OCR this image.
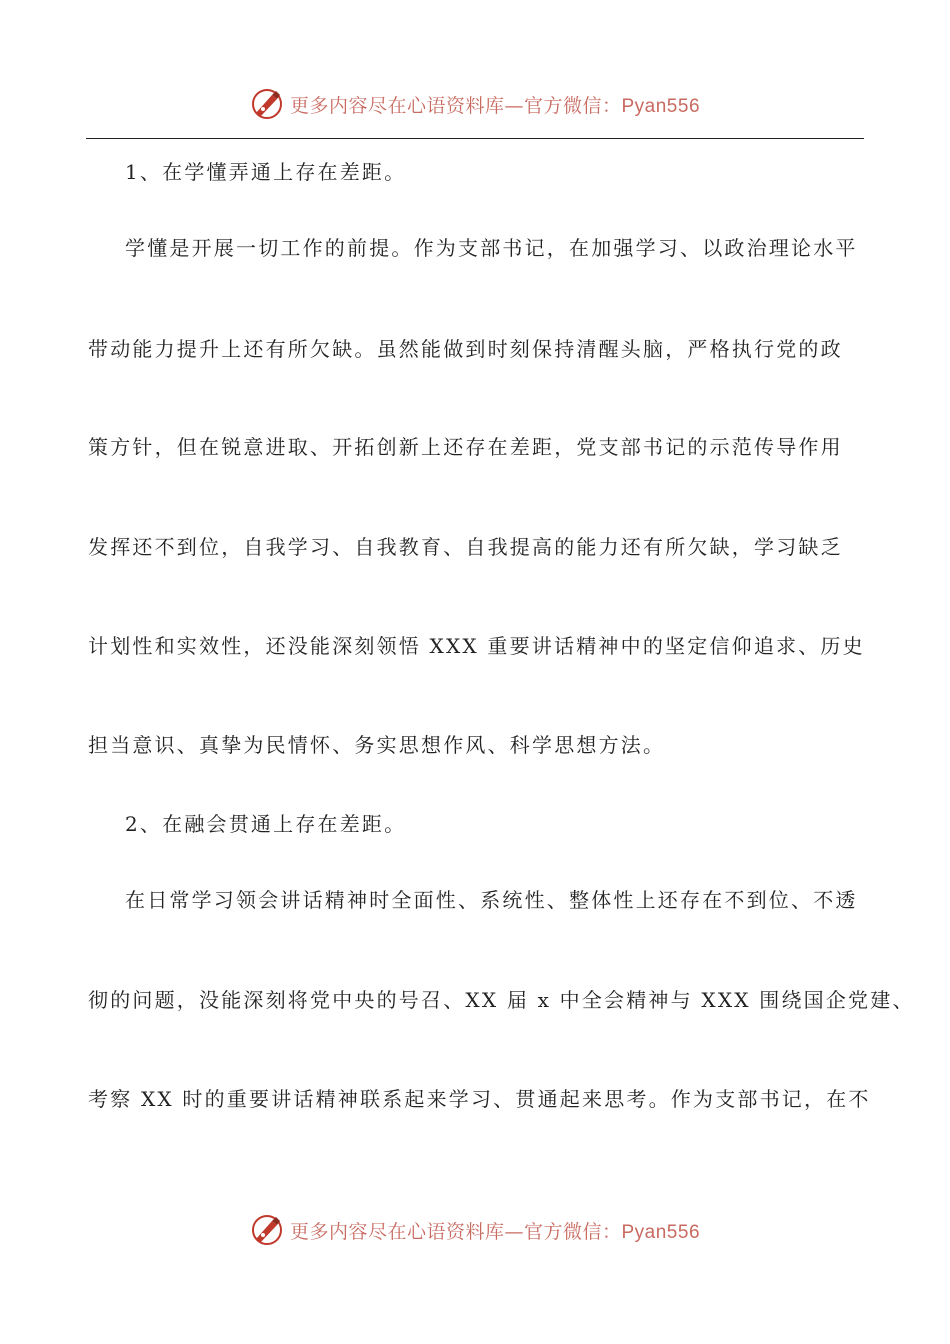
更多内容尽在心语资料库—官方微信：Pyan556
1、在学懂弄通上存在差距。
学懂是开展一切工作的前提。作为支部书记，在加强学习、以政治理论水平
带动能力提升上还有所欠缺。虽然能做到时刻保持清醒头脑，严格执行党的政
策方针，但在锐意进取、开拓创新上还存在差距，党支部书记的示范传导作用
发挥还不到位，自我学习、自我教育、自我提高的能力还有所欠缺，学习缺乏
计划性和实效性，还没能深刻领悟 XXX 重要讲话精神中的坚定信仰追求、历史
担当意识、真挚为民情怀、务实思想作风、科学思想方法。
2、在融会贯通上存在差距。
在日常学习领会讲话精神时全面性、系统性、整体性上还存在不到位、不透
彻的问题，没能深刻将党中央的号召、XX 届 x 中全会精神与 XXX 围绕国企党建、
考察 XX 时的重要讲话精神联系起来学习、贯通起来思考。作为支部书记，在不
更多内容尽在心语资料库—官方微信：Pyan556
